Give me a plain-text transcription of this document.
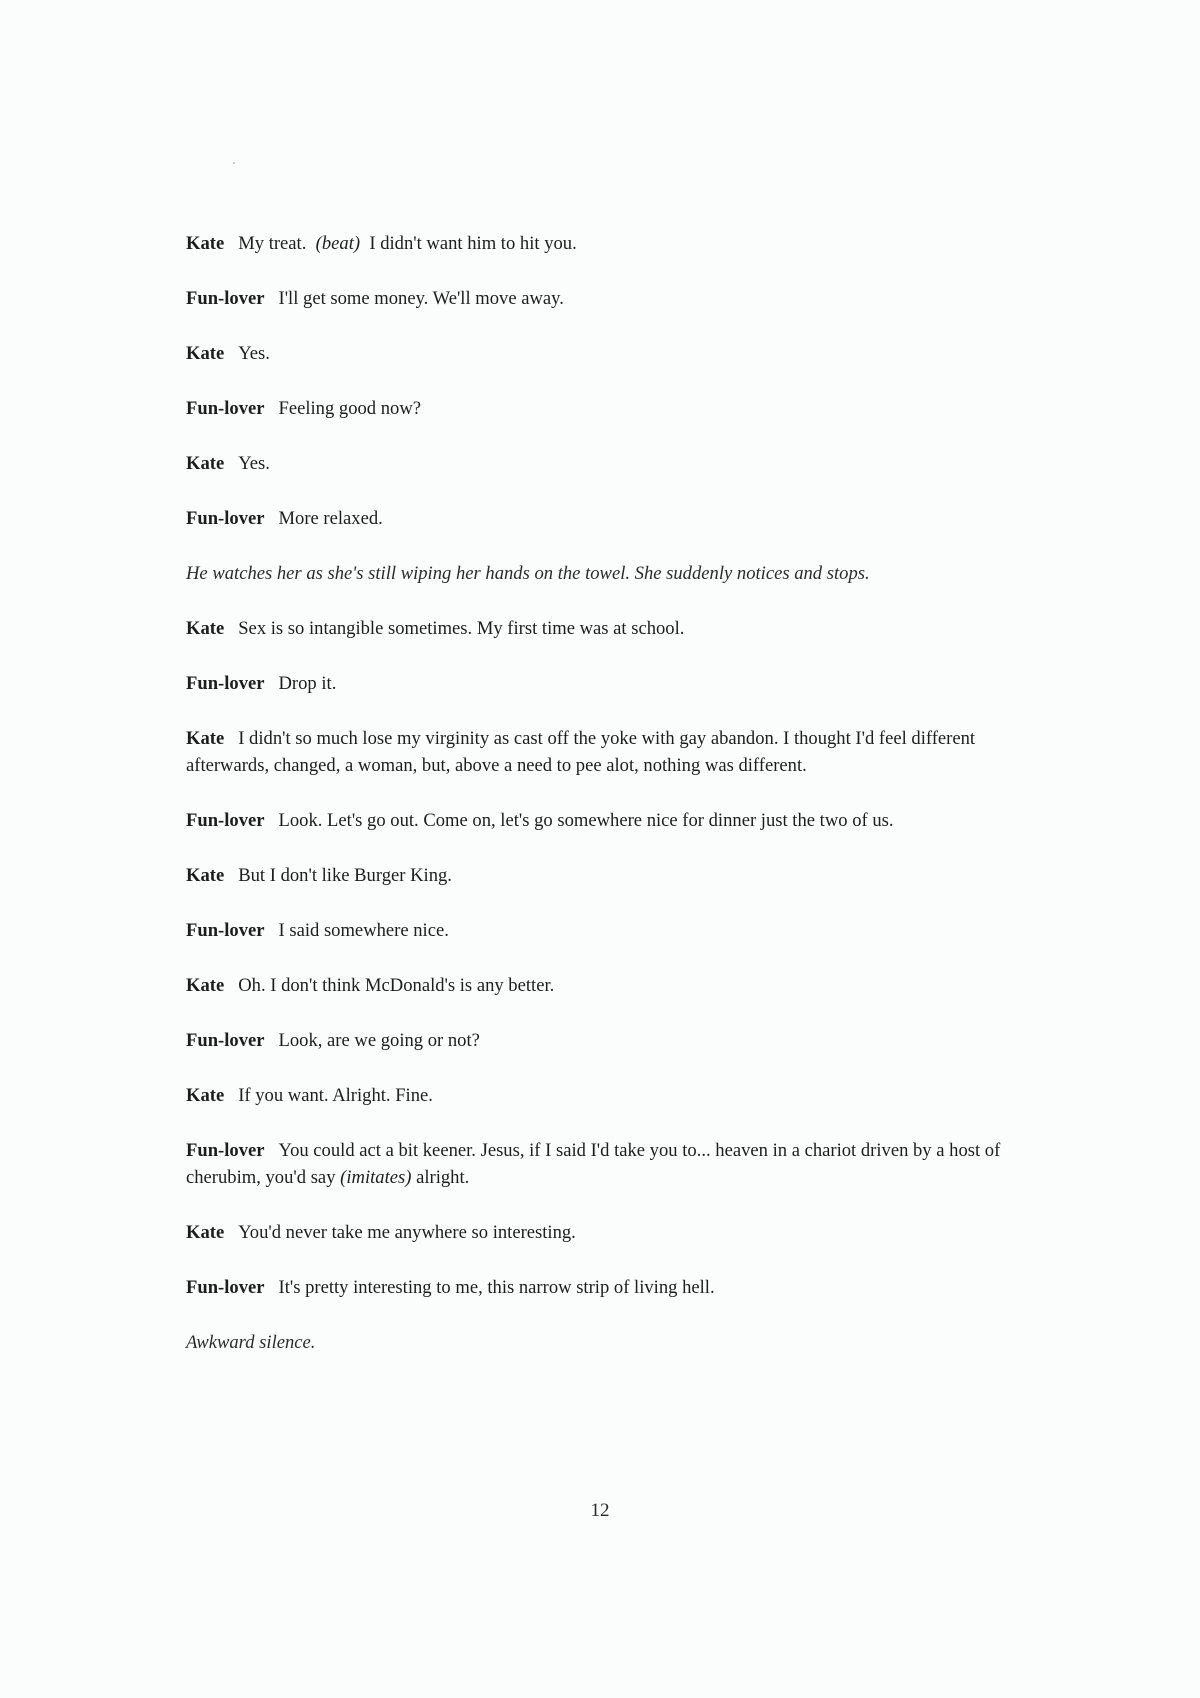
Kate My treat. (beat) I didn't want him to hit you.

Fun-lover I'll get some money. We'll move away.

Kate Yes.

Fun-lover Feeling good now?

Kate Yes.

Fun-lover More relaxed.

He watches her as she's still wiping her hands on the towel. She suddenly notices and stops.

Kate Sex is so intangible sometimes. My first time was at school.

Fun-lover Drop it.

Kate I didn't so much lose my virginity as cast off the yoke with gay abandon. I thought I'd feel different afterwards, changed, a woman, but, above a need to pee alot, nothing was different.

Fun-lover Look. Let's go out. Come on, let's go somewhere nice for dinner just the two of us.

Kate But I don't like Burger King.

Fun-lover I said somewhere nice.

Kate Oh. I don't think McDonald's is any better.

Fun-lover Look, are we going or not?

Kate If you want. Alright. Fine.

Fun-lover You could act a bit keener. Jesus, if I said I'd take you to... heaven in a chariot driven by a host of cherubim, you'd say (imitates) alright.

Kate You'd never take me anywhere so interesting.

Fun-lover It's pretty interesting to me, this narrow strip of living hell.

Awkward silence.

12
